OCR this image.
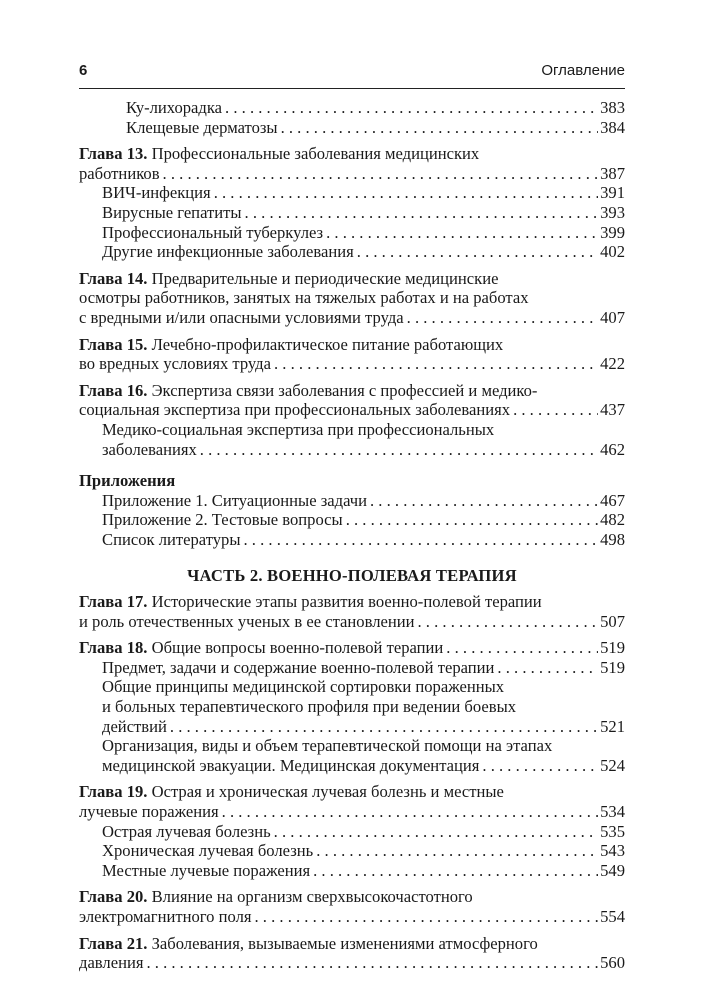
6	Оглавление
Ку-лихорадка . . .	383
Клещевые дерматозы . . .	384
Глава 13. Профессиональные заболевания медицинских
работников . . .	387
ВИЧ-инфекция . . .	391
Вирусные гепатиты . . .	393
Профессиональный туберкулез . . .	399
Другие инфекционные заболевания . . .	402
Глава 14. Предварительные и периодические медицинские
осмотры работников, занятых на тяжелых работах и на работах
с вредными и/или опасными условиями труда . . .	407
Глава 15. Лечебно-профилактическое питание работающих
во вредных условиях труда . . .	422
Глава 16. Экспертиза связи заболевания с профессией и медико-
социальная экспертиза при профессиональных заболеваниях . . .	437
Медико-социальная экспертиза при профессиональных
заболеваниях . . .	462
Приложения
Приложение 1. Ситуационные задачи . . .	467
Приложение 2. Тестовые вопросы . . .	482
Список литературы . . .	498
ЧАСТЬ 2. ВОЕННО-ПОЛЕВАЯ ТЕРАПИЯ
Глава 17. Исторические этапы развития военно-полевой терапии
и роль отечественных ученых в ее становлении . . .	507
Глава 18. Общие вопросы военно-полевой терапии . . .	519
Предмет, задачи и содержание военно-полевой терапии . . .	519
Общие принципы медицинской сортировки пораженных
и больных терапевтического профиля при ведении боевых
действий . . .	521
Организация, виды и объем терапевтической помощи на этапах
медицинской эвакуации. Медицинская документация . . .	524
Глава 19. Острая и хроническая лучевая болезнь и местные
лучевые поражения . . .	534
Острая лучевая болезнь . . .	535
Хроническая лучевая болезнь . . .	543
Местные лучевые поражения . . .	549
Глава 20. Влияние на организм сверхвысокочастотного
электромагнитного поля . . .	554
Глава 21. Заболевания, вызываемые изменениями атмосферного
давления . . .	560
